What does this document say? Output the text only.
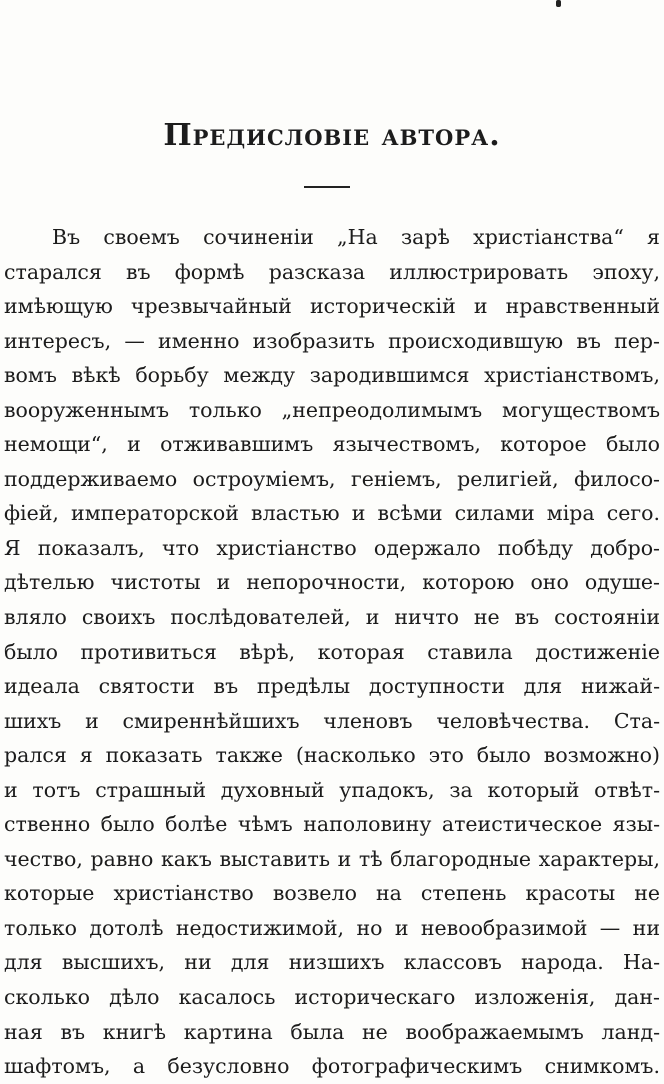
Предисловіе автора.
Въ своемъ сочиненіи „На зарѣ христіанства“ я
старался въ формѣ разсказа иллюстрировать эпоху,
имѣющую чрезвычайный историческій и нравственный
интересъ, — именно изобразить происходившую въ пер-
вомъ вѣкѣ борьбу между зародившимся христіанствомъ,
вооруженнымъ только „непреодолимымъ могуществомъ
немощи“, и отживавшимъ язычествомъ, которое было
поддерживаемо остроуміемъ, геніемъ, религіей, филосо-
фіей, императорской властью и всѣми силами міра сего.
Я показалъ, что христіанство одержало побѣду добро-
дѣтелью чистоты и непорочности, которою оно одуше-
вляло своихъ послѣдователей, и ничто не въ состояніи
было противиться вѣрѣ, которая ставила достиженіе
идеала святости въ предѣлы доступности для нижай-
шихъ и смиреннѣйшихъ членовъ человѣчества. Ста-
рался я показать также (насколько это было возможно)
и тотъ страшный духовный упадокъ, за который отвѣт-
ственно было болѣе чѣмъ наполовину атеистическое язы-
чество, равно какъ выставить и тѣ благородные характеры,
которые христіанство возвело на степень красоты не
только дотолѣ недостижимой, но и невообразимой — ни
для высшихъ, ни для низшихъ классовъ народа. На-
сколько дѣло касалось историческаго изложенія, дан-
ная въ книгѣ картина была не воображаемымъ ланд-
шафтомъ, а безусловно фотографическимъ снимкомъ.
